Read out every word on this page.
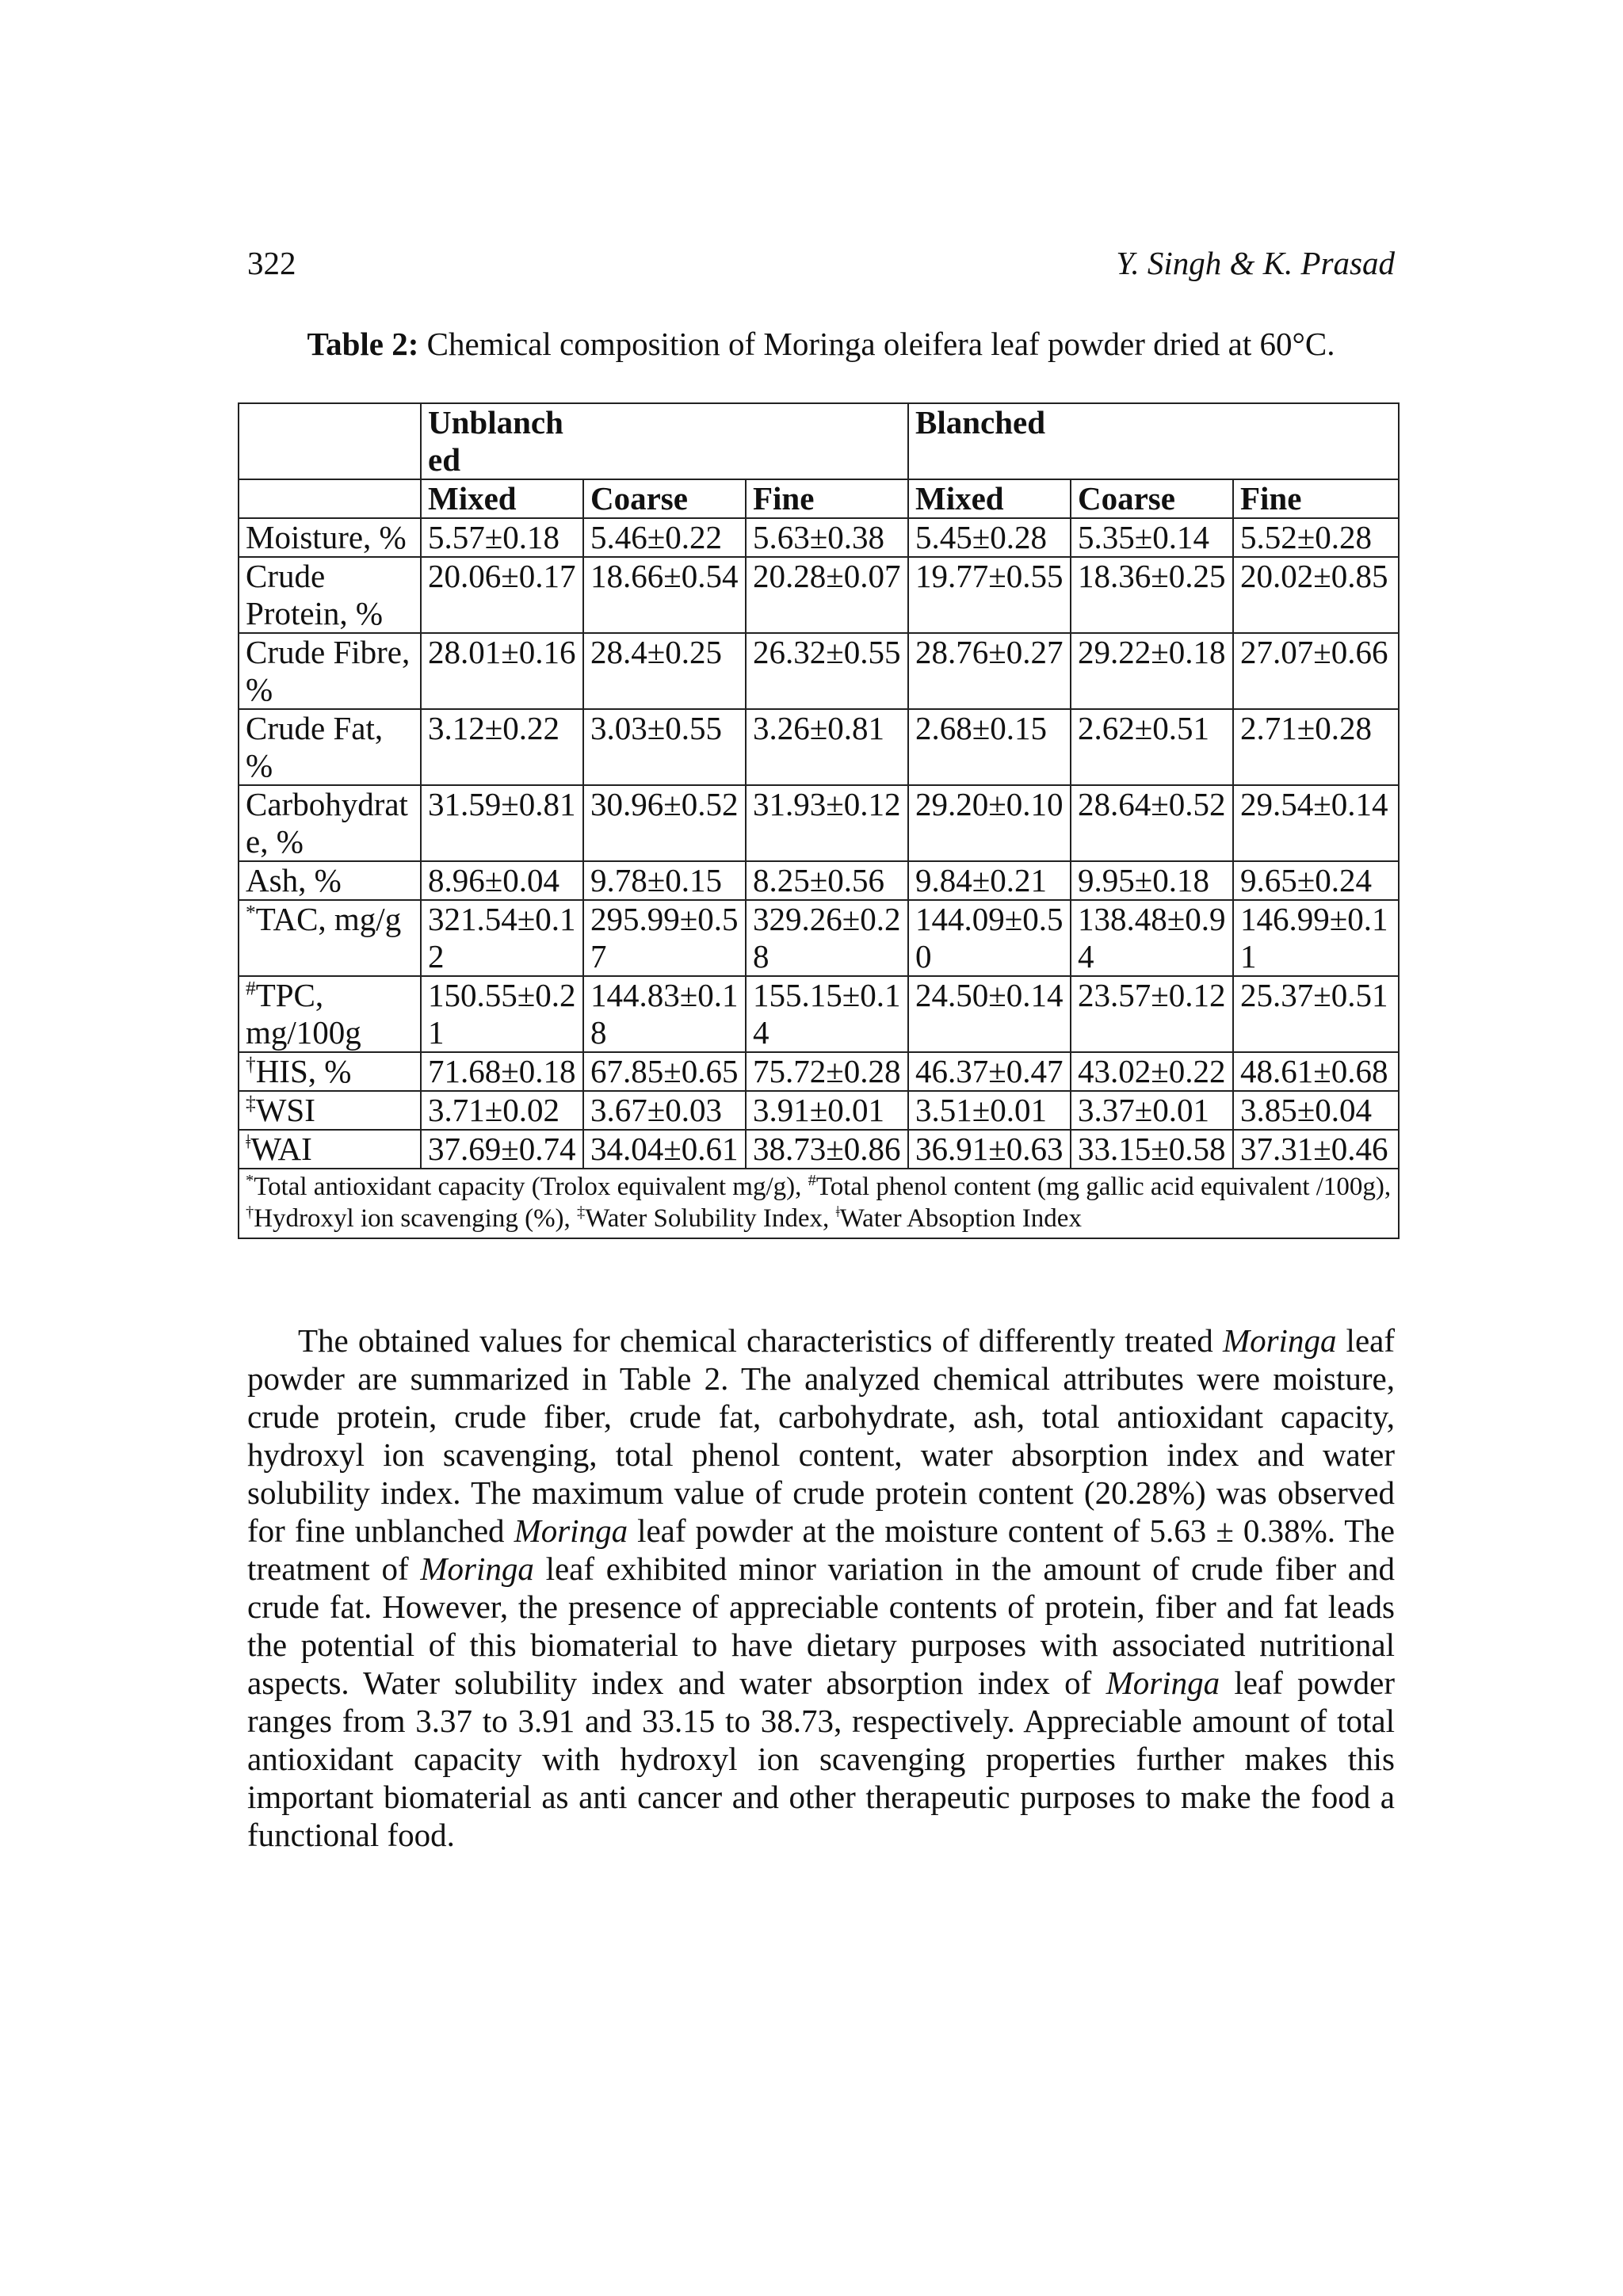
322	Y. Singh & K. Prasad
Table 2: Chemical composition of Moringa oleifera leaf powder dried at 60°C.
	Unblanched			Blanched		
	Mixed	Coarse	Fine	Mixed	Coarse	Fine
Moisture, %	5.57±0.18	5.46±0.22	5.63±0.38	5.45±0.28	5.35±0.14	5.52±0.28
Crude Protein, %	20.06±0.17	18.66±0.54	20.28±0.07	19.77±0.55	18.36±0.25	20.02±0.85
Crude Fibre, %	28.01±0.16	28.4±0.25	26.32±0.55	28.76±0.27	29.22±0.18	27.07±0.66
Crude Fat, %	3.12±0.22	3.03±0.55	3.26±0.81	2.68±0.15	2.62±0.51	2.71±0.28
Carbohydrate, %	31.59±0.81	30.96±0.52	31.93±0.12	29.20±0.10	28.64±0.52	29.54±0.14
Ash, %	8.96±0.04	9.78±0.15	8.25±0.56	9.84±0.21	9.95±0.18	9.65±0.24
*TAC, mg/g	321.54±0.12	295.99±0.57	329.26±0.28	144.09±0.50	138.48±0.94	146.99±0.11
#TPC, mg/100g	150.55±0.21	144.83±0.18	155.15±0.14	24.50±0.14	23.57±0.12	25.37±0.51
†HIS, %	71.68±0.18	67.85±0.65	75.72±0.28	46.37±0.47	43.02±0.22	48.61±0.68
‡WSI	3.71±0.02	3.67±0.03	3.91±0.01	3.51±0.01	3.37±0.01	3.85±0.04
$^ǂ$WAI	37.69±0.74	34.04±0.61	38.73±0.86	36.91±0.63	33.15±0.58	37.31±0.46
*Total antioxidant capacity (Trolox equivalent mg/g), #Total phenol content (mg gallic acid equivalent /100g), †Hydroxyl ion scavenging (%), ‡Water Solubility Index, $^ǂ$Water Absoption Index						

The obtained values for chemical characteristics of differently treated Moringa leaf powder are summarized in Table 2. The analyzed chemical attributes were moisture, crude protein, crude fiber, crude fat, carbohydrate, ash, total antioxidant capacity, hydroxyl ion scavenging, total phenol content, water absorption index and water solubility index. The maximum value of crude protein content (20.28%) was observed for fine unblanched Moringa leaf powder at the moisture content of 5.63 ± 0.38%. The treatment of Moringa leaf exhibited minor variation in the amount of crude fiber and crude fat. However, the presence of appreciable contents of protein, fiber and fat leads the potential of this biomaterial to have dietary purposes with associated nutritional aspects. Water solubility index and water absorption index of Moringa leaf powder ranges from 3.37 to 3.91 and 33.15 to 38.73, respectively. Appreciable amount of total antioxidant capacity with hydroxyl ion scavenging properties further makes this important biomaterial as anti cancer and other therapeutic purposes to make the food a functional food.
